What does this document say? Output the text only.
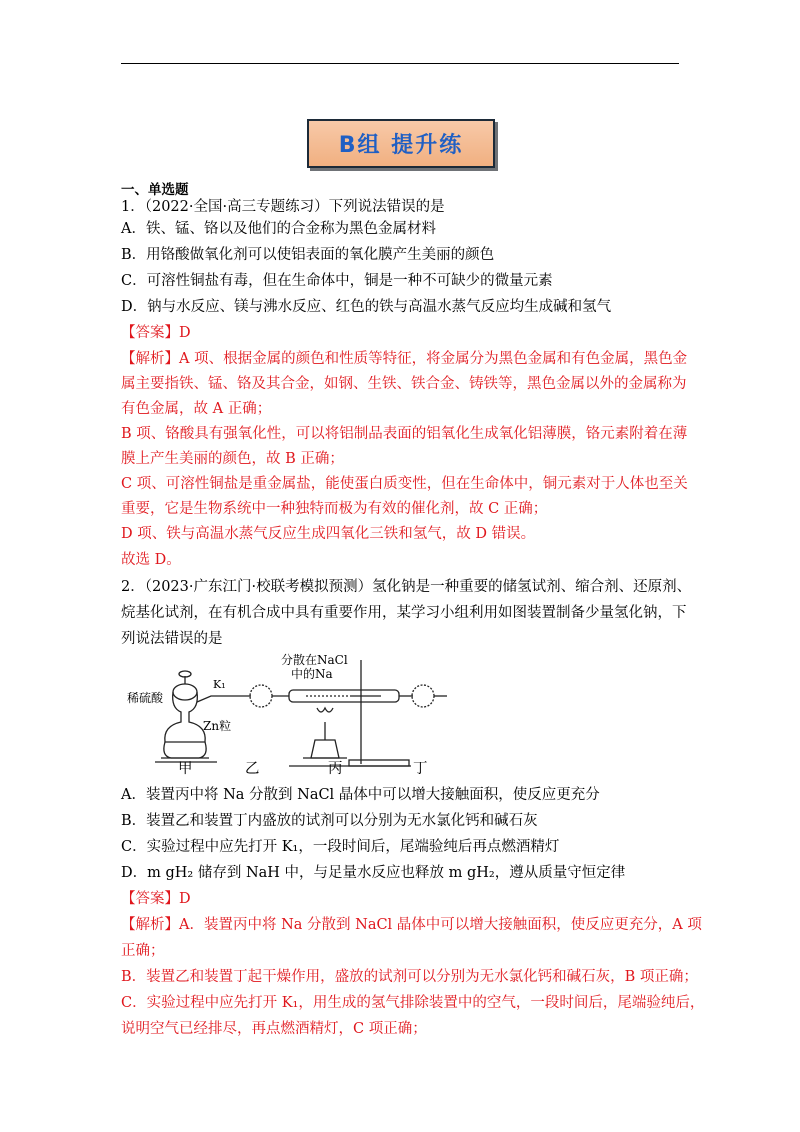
B组 提升练
一、单选题
1．（2022·全国·高三专题练习）下列说法错误的是
A．铁、锰、铬以及他们的合金称为黑色金属材料
B．用铬酸做氧化剂可以使铝表面的氧化膜产生美丽的颜色
C．可溶性铜盐有毒，但在生命体中，铜是一种不可缺少的微量元素
D．钠与水反应、镁与沸水反应、红色的铁与高温水蒸气反应均生成碱和氢气
【答案】D
【解析】A 项、根据金属的颜色和性质等特征，将金属分为黑色金属和有色金属，黑色金
属主要指铁、锰、铬及其合金，如钢、生铁、铁合金、铸铁等，黑色金属以外的金属称为
有色金属，故 A 正确；
B 项、铬酸具有强氧化性，可以将铝制品表面的铝氧化生成氧化铝薄膜，铬元素附着在薄
膜上产生美丽的颜色，故 B 正确；
C 项、可溶性铜盐是重金属盐，能使蛋白质变性，但在生命体中，铜元素对于人体也至关
重要，它是生物系统中一种独特而极为有效的催化剂，故 C 正确；
D 项、铁与高温水蒸气反应生成四氧化三铁和氢气，故 D 错误。
故选 D。
2．（2023·广东江门·校联考模拟预测）氢化钠是一种重要的储氢试剂、缩合剂、还原剂、
烷基化试剂，在有机合成中具有重要作用，某学习小组利用如图装置制备少量氢化钠，下
列说法错误的是
稀硫酸
K₁
Zn粒
分散在NaCl
中的Na
甲	乙	丙	丁
A．装置丙中将 Na 分散到 NaCl 晶体中可以增大接触面积，使反应更充分
B．装置乙和装置丁内盛放的试剂可以分别为无水氯化钙和碱石灰
C．实验过程中应先打开 K₁，一段时间后，尾端验纯后再点燃酒精灯
D．m gH₂ 储存到 NaH 中，与足量水反应也释放 m gH₂，遵从质量守恒定律
【答案】D
【解析】A．装置丙中将 Na 分散到 NaCl 晶体中可以增大接触面积，使反应更充分，A 项
正确；
B．装置乙和装置丁起干燥作用，盛放的试剂可以分别为无水氯化钙和碱石灰，B 项正确；
C．实验过程中应先打开 K₁，用生成的氢气排除装置中的空气，一段时间后，尾端验纯后，
说明空气已经排尽，再点燃酒精灯，C 项正确；
